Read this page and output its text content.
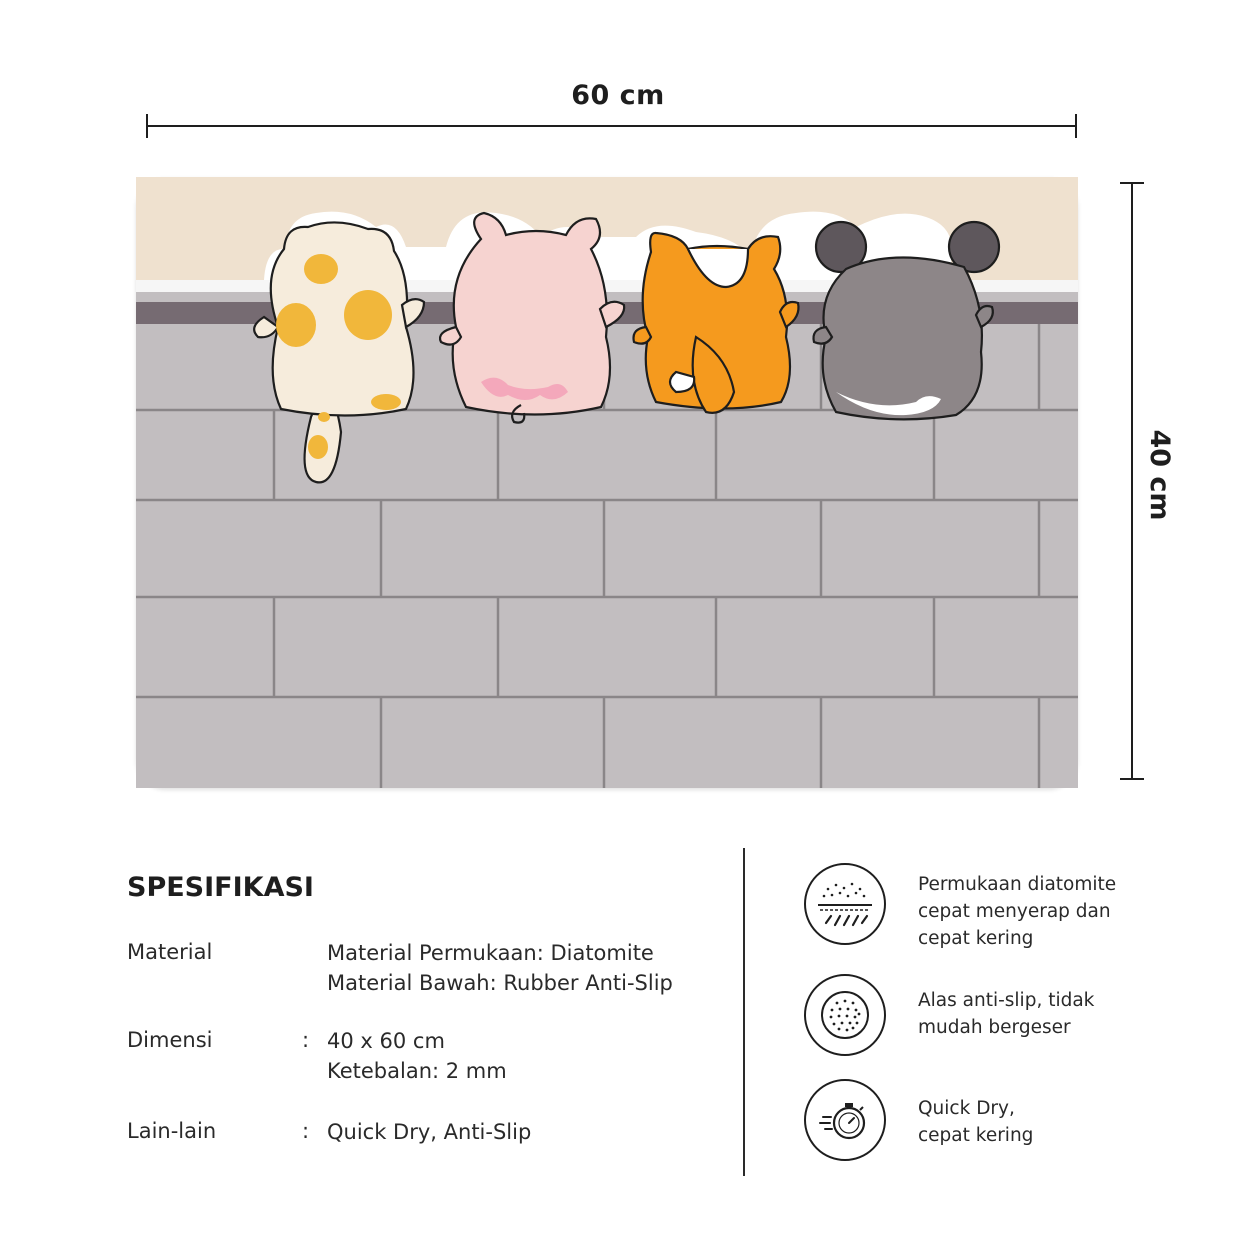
60 cm
40 cm
taffHOME
SPESIFIKASI
Material	Material Permukaan: Diatomite
Material Bawah: Rubber Anti-Slip
Dimensi	: 40 x 60 cm
Ketebalan: 2 mm
Lain-lain	: Quick Dry, Anti-Slip
Permukaan diatomite
cepat menyerap dan
cepat kering
Alas anti-slip, tidak
mudah bergeser
Quick Dry,
cepat kering
